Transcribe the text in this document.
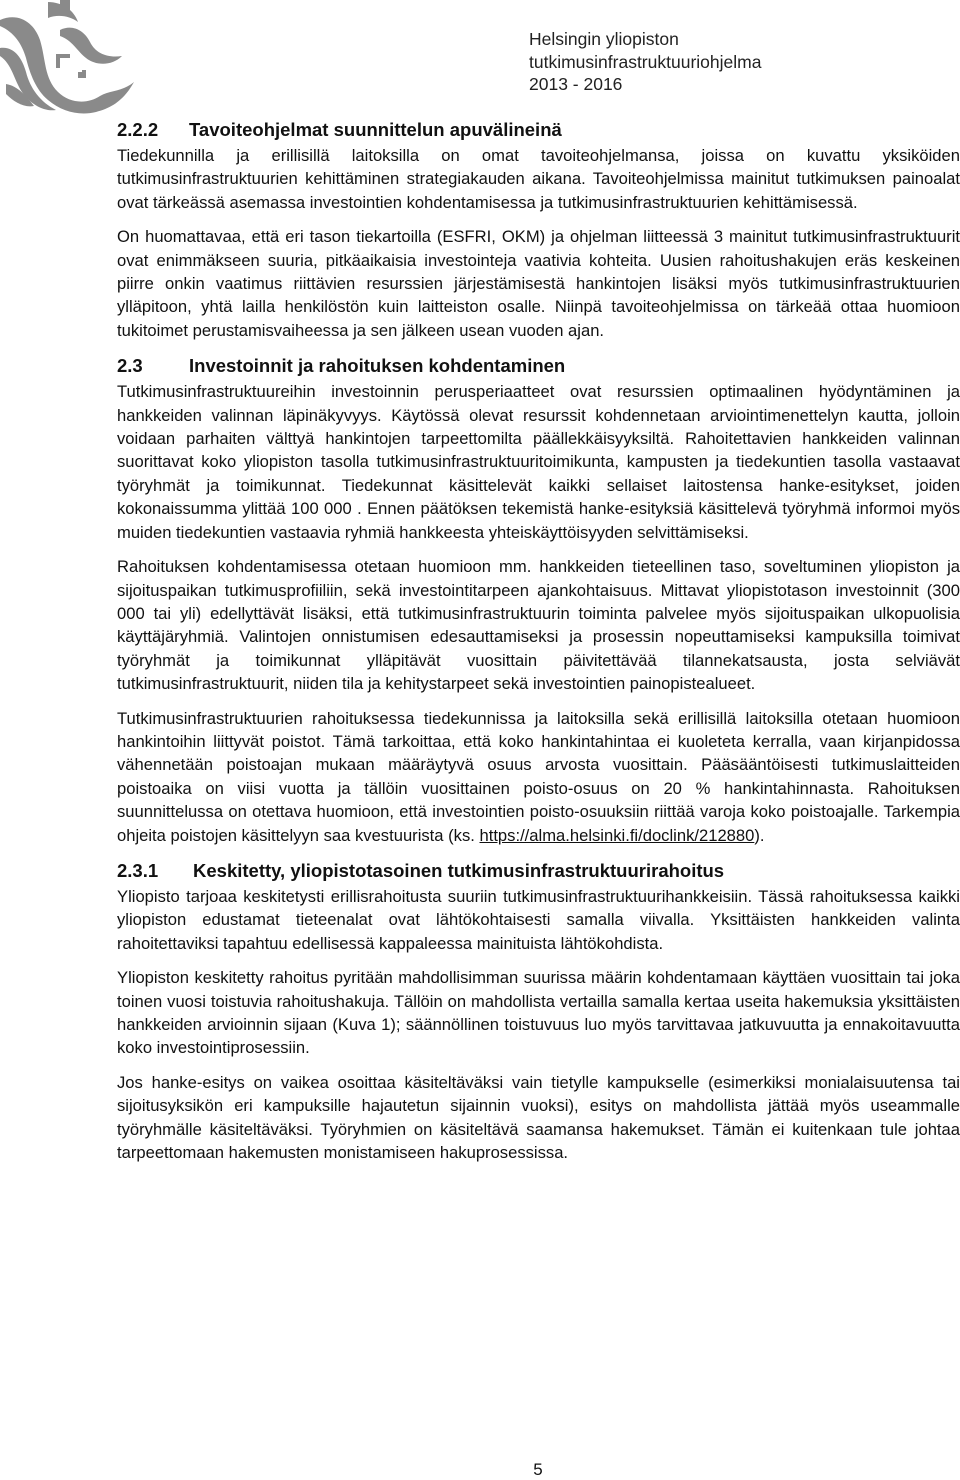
Helsingin yliopiston
tutkimusinfrastruktuuriohjelma
2013 - 2016
2.2.2 Tavoiteohjelmat suunnittelun apuvälineinä

Tiedekunnilla ja erillisillä laitoksilla on omat tavoiteohjelmansa, joissa on kuvattu yksiköiden tutkimusinfrastruktuurien kehittäminen strategiakauden aikana. Tavoiteohjelmissa mainitut tutkimuksen painoalat ovat tärkeässä asemassa investointien kohdentamisessa ja tutkimusinfrastruktuurien kehittämisessä.

On huomattavaa, että eri tason tiekartoilla (ESFRI, OKM) ja ohjelman liitteessä 3 mainitut tutkimusinfrastruktuurit ovat enimmäkseen suuria, pitkäaikaisia investointeja vaativia kohteita. Uusien rahoitushakujen eräs keskeinen piirre onkin vaatimus riittävien resurssien järjestämisestä hankintojen lisäksi myös tutkimusinfrastruktuurien ylläpitoon, yhtä lailla henkilöstön kuin laitteiston osalle. Niinpä tavoiteohjelmissa on tärkeää ottaa huomioon tukitoimet perustamisvaiheessa ja sen jälkeen usean vuoden ajan.

2.3	Investoinnit ja rahoituksen kohdentaminen

Tutkimusinfrastruktuureihin investoinnin perusperiaatteet ovat resurssien optimaalinen hyödyntäminen ja hankkeiden valinnan läpinäkyvyys. Käytössä olevat resurssit kohdennetaan arviointimenettelyn kautta, jolloin voidaan parhaiten välttyä hankintojen tarpeettomilta päällekkäisyyksiltä. Rahoitettavien hankkeiden valinnan suorittavat koko yliopiston tasolla tutkimusinfrastruktuuritoimikunta, kampusten ja tiedekuntien tasolla vastaavat työryhmät ja toimikunnat. Tiedekunnat käsittelevät kaikki sellaiset laitostensa hanke-esitykset, joiden kokonaissumma ylittää 100 000 . Ennen päätöksen tekemistä hanke-esityksiä käsittelevä työryhmä informoi myös muiden tiedekuntien vastaavia ryhmiä hankkeesta yhteiskäyttöisyyden selvittämiseksi.

Rahoituksen kohdentamisessa otetaan huomioon mm. hankkeiden tieteellinen taso, soveltuminen yliopiston ja sijoituspaikan tutkimusprofiiliin, sekä investointitarpeen ajankohtaisuus. Mittavat yliopistotason investoinnit (300 000 tai yli) edellyttävät lisäksi, että tutkimusinfrastruktuurin toiminta palvelee myös sijoituspaikan ulkopuolisia käyttäjäryhmiä. Valintojen onnistumisen edesauttamiseksi ja prosessin nopeuttamiseksi kampuksilla toimivat työryhmät ja toimikunnat ylläpitävät vuosittain päivitettävää tilannekatsausta, josta selviävät tutkimusinfrastruktuurit, niiden tila ja kehitystarpeet sekä investointien painopistealueet.

Tutkimusinfrastruktuurien rahoituksessa tiedekunnissa ja laitoksilla sekä erillisillä laitoksilla otetaan huomioon hankintoihin liittyvät poistot. Tämä tarkoittaa, että koko hankintahintaa ei kuoleteta kerralla, vaan kirjanpidossa vähennetään poistoajan mukaan määräytyvä osuus arvosta vuosittain. Pääsääntöisesti tutkimuslaitteiden poistoaika on viisi vuotta ja tällöin vuosittainen poisto-osuus on 20 % hankintahinnasta. Rahoituksen suunnittelussa on otettava huomioon, että investointien poisto-osuuksiin riittää varoja koko poistoajalle. Tarkempia ohjeita poistojen käsittelyyn saa kvestuurista (ks. https://alma.helsinki.fi/doclink/212880).

2.3.1 Keskitetty, yliopistotasoinen tutkimusinfrastruktuurirahoitus

Yliopisto tarjoaa keskitetysti erillisrahoitusta suuriin tutkimusinfrastruktuurihankkeisiin. Tässä rahoituksessa kaikki yliopiston edustamat tieteenalat ovat lähtökohtaisesti samalla viivalla. Yksittäisten hankkeiden valinta rahoitettaviksi tapahtuu edellisessä kappaleessa mainituista lähtökohdista.

Yliopiston keskitetty rahoitus pyritään mahdollisimman suurissa määrin kohdentamaan käyttäen vuosittain tai joka toinen vuosi toistuvia rahoitushakuja. Tällöin on mahdollista vertailla samalla kertaa useita hakemuksia yksittäisten hankkeiden arvioinnin sijaan (Kuva 1); säännöllinen toistuvuus luo myös tarvittavaa jatkuvuutta ja ennakoitavuutta koko investointiprosessiin.

Jos hanke-esitys on vaikea osoittaa käsiteltäväksi vain tietylle kampukselle (esimerkiksi monialaisuutensa tai sijoitusyksikön eri kampuksille hajautetun sijainnin vuoksi), esitys on mahdollista jättää myös useammalle työryhmälle käsiteltäväksi. Työryhmien on käsiteltävä saamansa hakemukset. Tämän ei kuitenkaan tule johtaa tarpeettomaan hakemusten monistamiseen hakuprosessissa.

5
